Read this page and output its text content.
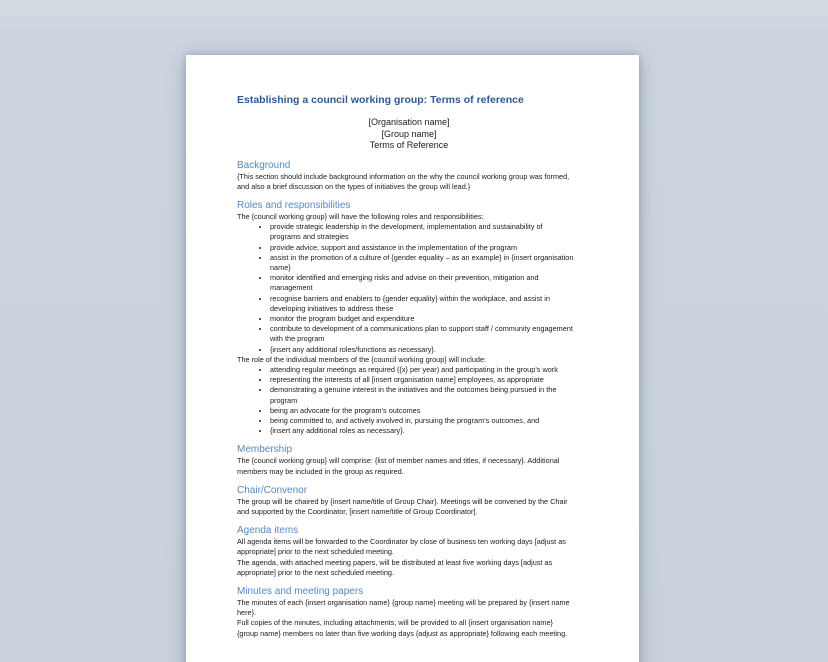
Establishing a council working group: Terms of reference

[Organisation name]

[Group name]

Terms of Reference

Background

{This section should include background information on the why the council working group was formed, and also a brief discussion on the types of initiatives the group will lead.}

Roles and responsibilities

The {council working group} will have the following roles and responsibilities:

• provide strategic leadership in the development, implementation and sustainability of programs and strategies
• provide advice, support and assistance in the implementation of the program
• assist in the promotion of a culture of {gender equality – as an example} in {insert organisation name}
• monitor identified and emerging risks and advise on their prevention, mitigation and management
• recognise barriers and enablers to {gender equality} within the workplace, and assist in developing initiatives to address these
• monitor the program budget and expenditure
• contribute to development of a communications plan to support staff / community engagement with the program
• {insert any additional roles/functions as necessary}.

The role of the individual members of the {council working group} will include:

• attending regular meetings as required ({x} per year) and participating in the group’s work
• representing the interests of all [insert organisation name] employees, as appropriate
• demonstrating a genuine interest in the initiatives and the outcomes being pursued in the program
• being an advocate for the program’s outcomes
• being committed to, and actively involved in, pursuing the program’s outcomes, and
• {insert any additional roles as necessary}.
Membership

The {council working group} will comprise: {list of member names and titles, if necessary}. Additional members may be included in the group as required.

Chair/Convenor

The group will be chaired by {insert name/title of Group Chair}. Meetings will be convened by the Chair and supported by the Coordinator, [insert name/title of Group Coordinator].

Agenda items

All agenda items will be forwarded to the Coordinator by close of business ten working days [adjust as appropriate] prior to the next scheduled meeting.

The agenda, with attached meeting papers, will be distributed at least five working days [adjust as appropriate] prior to the next scheduled meeting.

Minutes and meeting papers

The minutes of each {insert organisation name} {group name} meeting will be prepared by {insert name here}.

Full copies of the minutes, including attachments, will be provided to all {insert organisation name} {group name} members no later than five working days {adjust as appropriate} following each meeting.
